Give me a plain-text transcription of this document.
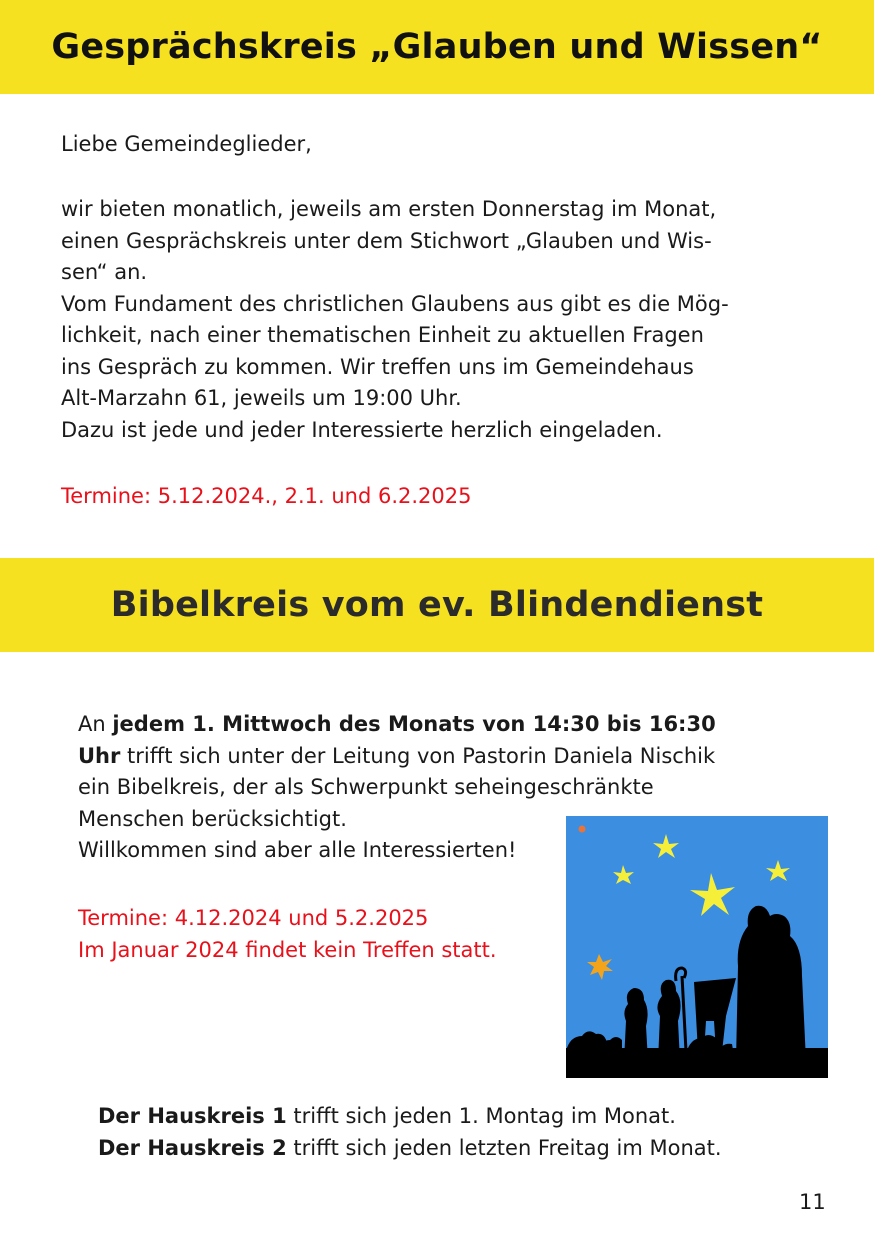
Gesprächskreis „Glauben und Wissen“

Liebe Gemeindeglieder,

wir bieten monatlich, jeweils am ersten Donnerstag im Monat,
einen Gesprächskreis unter dem Stichwort „Glauben und Wis-
sen“ an.
Vom Fundament des christlichen Glaubens aus gibt es die Mög-
lichkeit, nach einer thematischen Einheit zu aktuellen Fragen
ins Gespräch zu kommen. Wir treffen uns im Gemeindehaus
Alt-Marzahn 61, jeweils um 19:00 Uhr.
Dazu ist jede und jeder Interessierte herzlich eingeladen.

Termine: 5.12.2024., 2.1. und 6.2.2025

Bibelkreis vom ev. Blindendienst
An jedem 1. Mittwoch des Monats von 14:30 bis 16:30
Uhr trifft sich unter der Leitung von Pastorin Daniela Nischik
ein Bibelkreis, der als Schwerpunkt seheingeschränkte
Menschen berücksichtigt.
Willkommen sind aber alle Interessierten!
Termine: 4.12.2024 und 5.2.2025
Im Januar 2024 findet kein Treffen statt.
Der Hauskreis 1 trifft sich jeden 1. Montag im Monat.
Der Hauskreis 2 trifft sich jeden letzten Freitag im Monat.
11
